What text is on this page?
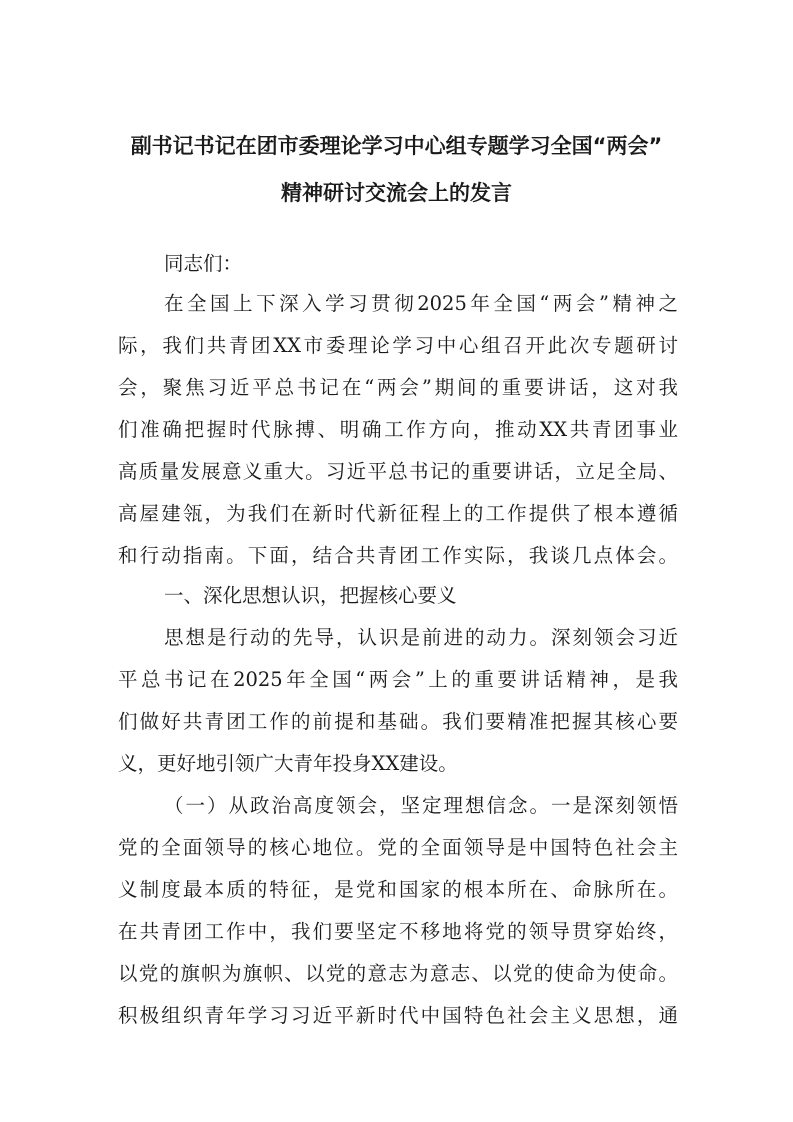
副书记书记在团市委理论学习中心组专题学习全国“两会”
精神研讨交流会上的发言
同志们：
在全国上下深入学习贯彻2025年全国“两会”精神之
际，我们共青团XX市委理论学习中心组召开此次专题研讨
会，聚焦习近平总书记在“两会”期间的重要讲话，这对我
们准确把握时代脉搏、明确工作方向，推动XX共青团事业
高质量发展意义重大。习近平总书记的重要讲话，立足全局、
高屋建瓴，为我们在新时代新征程上的工作提供了根本遵循
和行动指南。下面，结合共青团工作实际，我谈几点体会。
一、深化思想认识，把握核心要义
思想是行动的先导，认识是前进的动力。深刻领会习近
平总书记在2025年全国“两会”上的重要讲话精神，是我
们做好共青团工作的前提和基础。我们要精准把握其核心要
义，更好地引领广大青年投身XX建设。
（一）从政治高度领会，坚定理想信念。一是深刻领悟
党的全面领导的核心地位。党的全面领导是中国特色社会主
义制度最本质的特征，是党和国家的根本所在、命脉所在。
在共青团工作中，我们要坚定不移地将党的领导贯穿始终，
以党的旗帜为旗帜、以党的意志为意志、以党的使命为使命。
积极组织青年学习习近平新时代中国特色社会主义思想，通
